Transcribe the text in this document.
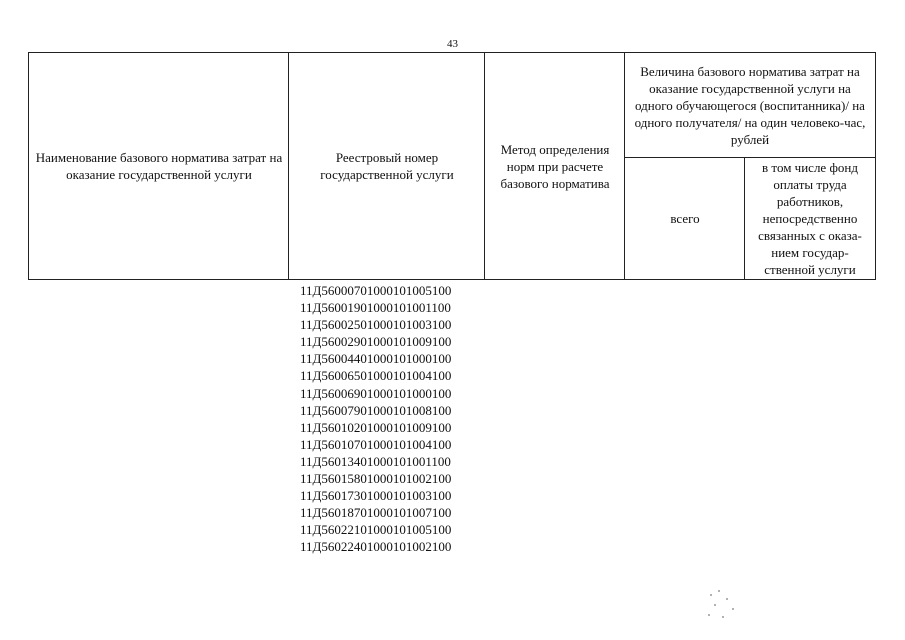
43
Наименование базового норматива затрат на оказание государственной услуги
Реестровый номер государственной услуги
Метод определения норм при расчете базового норматива
Величина базового норматива затрат на оказание государственной услуги на одного обучающегося (воспитанника)/ на одного получателя/ на один человеко-час, рублей
всего
в том числе фонд оплаты труда работников, непосредственно связанных с оказа-нием государ-ственной услуги
11Д56000701000101005100
11Д56001901000101001100
11Д56002501000101003100
11Д56002901000101009100
11Д56004401000101000100
11Д56006501000101004100
11Д56006901000101000100
11Д56007901000101008100
11Д56010201000101009100
11Д56010701000101004100
11Д56013401000101001100
11Д56015801000101002100
11Д56017301000101003100
11Д56018701000101007100
11Д56022101000101005100
11Д56022401000101002100
